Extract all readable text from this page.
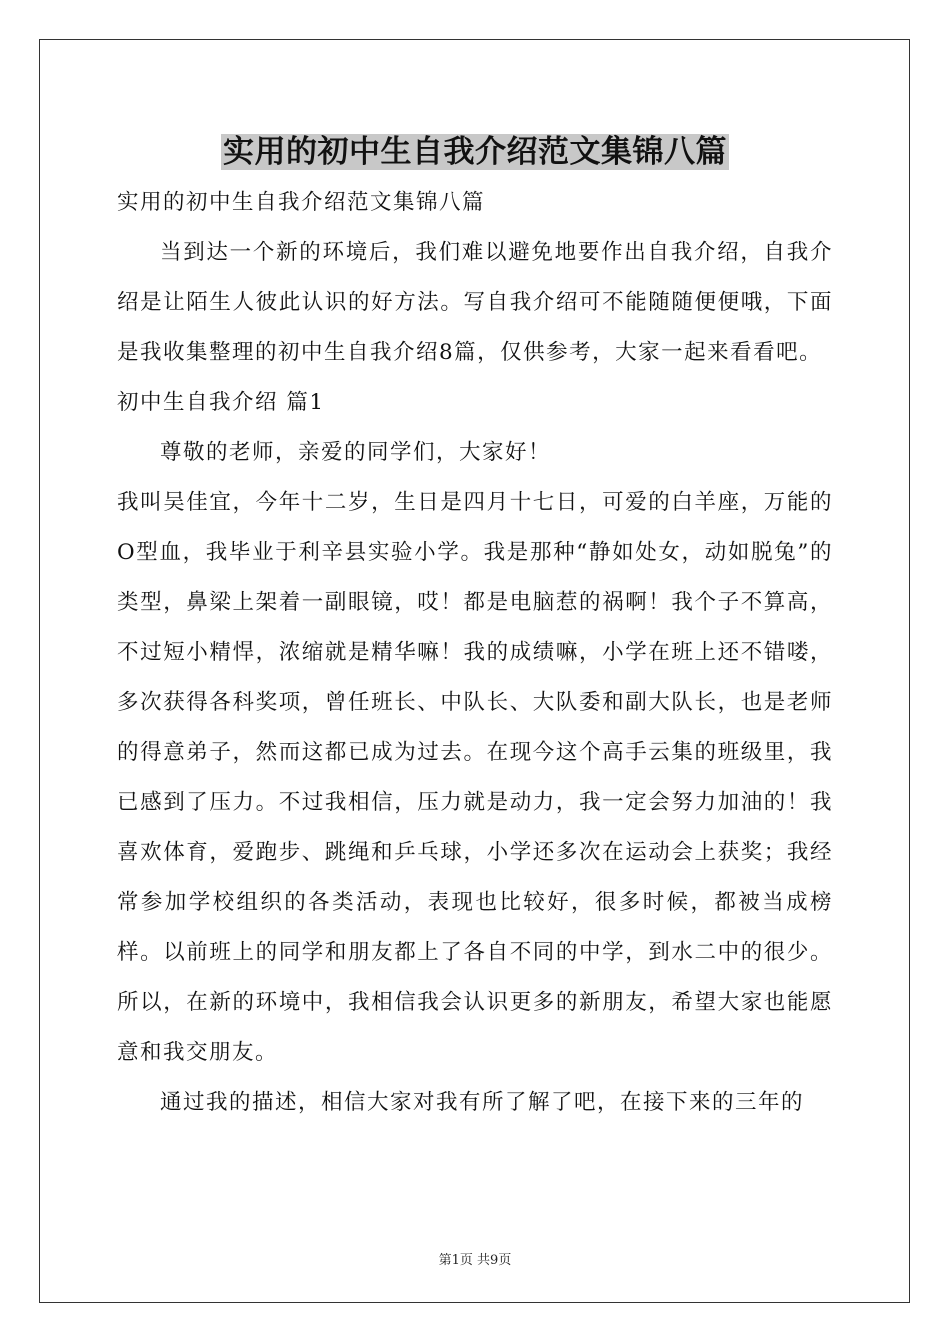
实用的初中生自我介绍范文集锦八篇

实用的初中生自我介绍范文集锦八篇

当到达一个新的环境后，我们难以避免地要作出自我介绍，自我介绍是让陌生人彼此认识的好方法。写自我介绍可不能随随便便哦，下面是我收集整理的初中生自我介绍8篇，仅供参考，大家一起来看看吧。

初中生自我介绍 篇1

尊敬的老师，亲爱的同学们，大家好！

我叫吴佳宜，今年十二岁，生日是四月十七日，可爱的白羊座，万能的O型血，我毕业于利辛县实验小学。我是那种“静如处女，动如脱兔”的类型，鼻梁上架着一副眼镜，哎！都是电脑惹的祸啊！我个子不算高，不过短小精悍，浓缩就是精华嘛！我的成绩嘛，小学在班上还不错喽，多次获得各科奖项，曾任班长、中队长、大队委和副大队长，也是老师的得意弟子，然而这都已成为过去。在现今这个高手云集的班级里，我已感到了压力。不过我相信，压力就是动力，我一定会努力加油的！我喜欢体育，爱跑步、跳绳和乒乓球，小学还多次在运动会上获奖；我经常参加学校组织的各类活动，表现也比较好，很多时候，都被当成榜样。以前班上的同学和朋友都上了各自不同的中学，到水二中的很少。所以，在新的环境中，我相信我会认识更多的新朋友，希望大家也能愿意和我交朋友。

通过我的描述，相信大家对我有所了解了吧，在接下来的三年的

第1页 共9页
